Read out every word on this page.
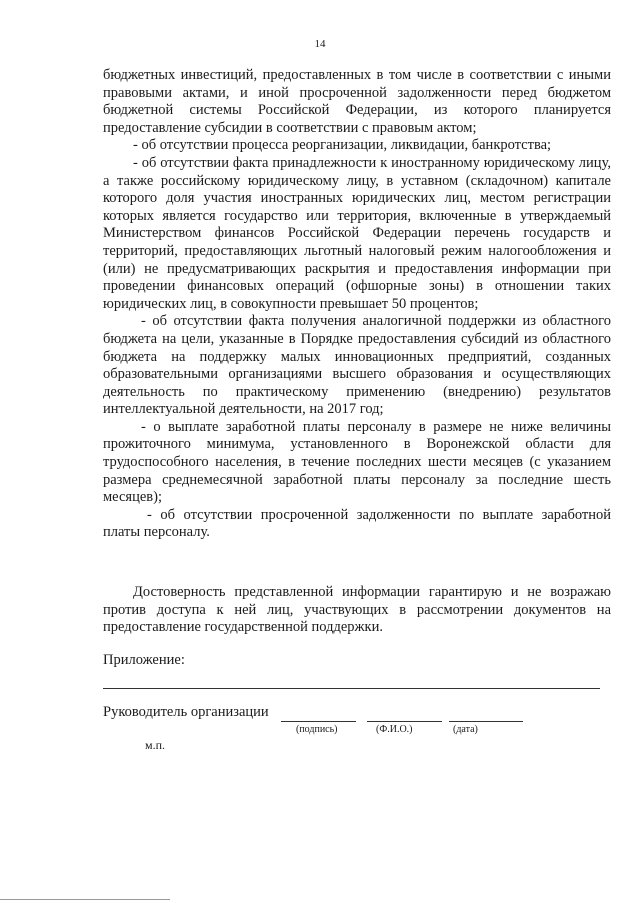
14

бюджетных инвестиций, предоставленных в том числе в соответствии с иными правовыми актами, и иной просроченной задолженности перед бюджетом бюджетной системы Российской Федерации, из которого планируется предоставление субсидии в соответствии с правовым актом;

- об отсутствии процесса реорганизации, ликвидации, банкротства;

- об отсутствии факта принадлежности к иностранному юридическому лицу, а также российскому юридическому лицу, в уставном (складочном) капитале которого доля участия иностранных юридических лиц, местом регистрации которых является государство или территория, включенные в утверждаемый Министерством финансов Российской Федерации перечень государств и территорий, предоставляющих льготный налоговый режим налогообложения и (или) не предусматривающих раскрытия и предоставления информации при проведении финансовых операций (офшорные зоны) в отношении таких юридических лиц, в совокупности превышает 50 процентов;

- об отсутствии факта получения аналогичной поддержки из областного бюджета на цели, указанные в Порядке предоставления субсидий из областного бюджета на поддержку малых инновационных предприятий, созданных образовательными организациями высшего образования и осуществляющих деятельность по практическому применению (внедрению) результатов интеллектуальной деятельности, на 2017 год;

- о выплате заработной платы персоналу в размере не ниже величины прожиточного минимума, установленного в Воронежской области для трудоспособного населения, в течение последних шести месяцев (с указанием размера среднемесячной заработной платы персоналу за последние шесть месяцев);

- об отсутствии просроченной задолженности по выплате заработной платы персоналу.

Достоверность представленной информации гарантирую и не возражаю против доступа к ней лиц, участвующих в рассмотрении документов на предоставление государственной поддержки.

Приложение:
Руководитель организации
(подпись)	(Ф.И.О.)	(дата)
м.п.
